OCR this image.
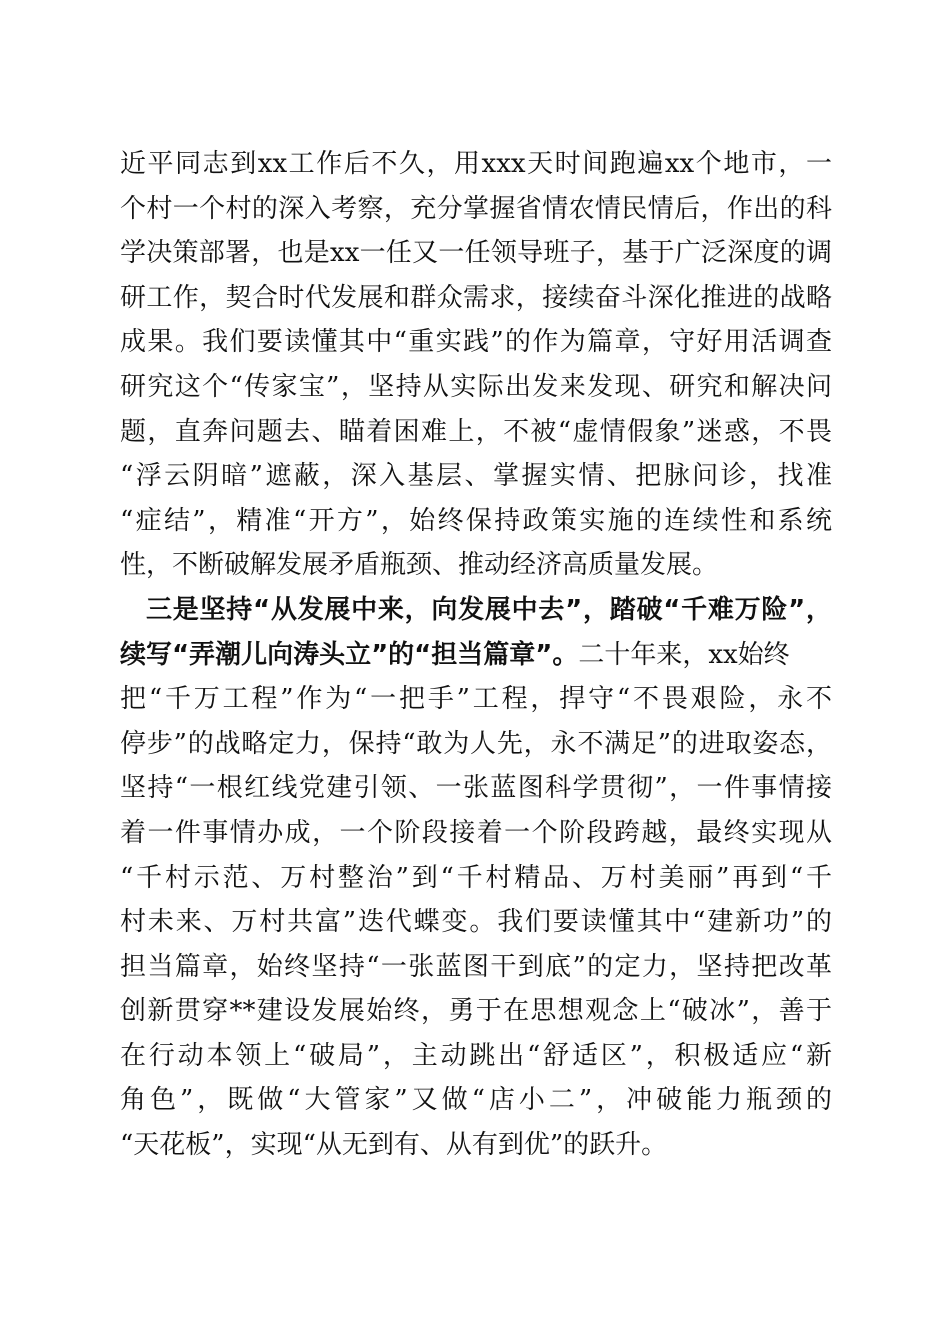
近平同志到xx工作后不久，用xxx天时间跑遍xx个地市，一
个村一个村的深入考察，充分掌握省情农情民情后，作出的科
学决策部署，也是xx一任又一任领导班子，基于广泛深度的调
研工作，契合时代发展和群众需求，接续奋斗深化推进的战略
成果。我们要读懂其中“重实践”的作为篇章，守好用活调查
研究这个“传家宝”，坚持从实际出发来发现、研究和解决问
题，直奔问题去、瞄着困难上，不被“虚情假象”迷惑，不畏
“浮云阴暗”遮蔽，深入基层、掌握实情、把脉问诊，找准
“症结”，精准“开方”，始终保持政策实施的连续性和系统
性，不断破解发展矛盾瓶颈、推动经济高质量发展。
三是坚持“从发展中来，向发展中去”，踏破“千难万险”，
续写“弄潮儿向涛头立”的“担当篇章”。 二十年来，xx始终
把“千万工程”作为“一把手”工程，捍守“不畏艰险，永不
停步”的战略定力，保持“敢为人先，永不满足”的进取姿态，
坚持“一根红线党建引领、一张蓝图科学贯彻”，一件事情接
着一件事情办成，一个阶段接着一个阶段跨越，最终实现从
“千村示范、万村整治”到“千村精品、万村美丽”再到“千
村未来、万村共富”迭代蝶变。我们要读懂其中“建新功”的
担当篇章，始终坚持“一张蓝图干到底”的定力，坚持把改革
创新贯穿**建设发展始终，勇于在思想观念上“破冰”，善于
在行动本领上“破局”，主动跳出“舒适区”，积极适应“新
角色”，既做“大管家”又做“店小二”，冲破能力瓶颈的
“天花板”，实现“从无到有、从有到优”的跃升。
